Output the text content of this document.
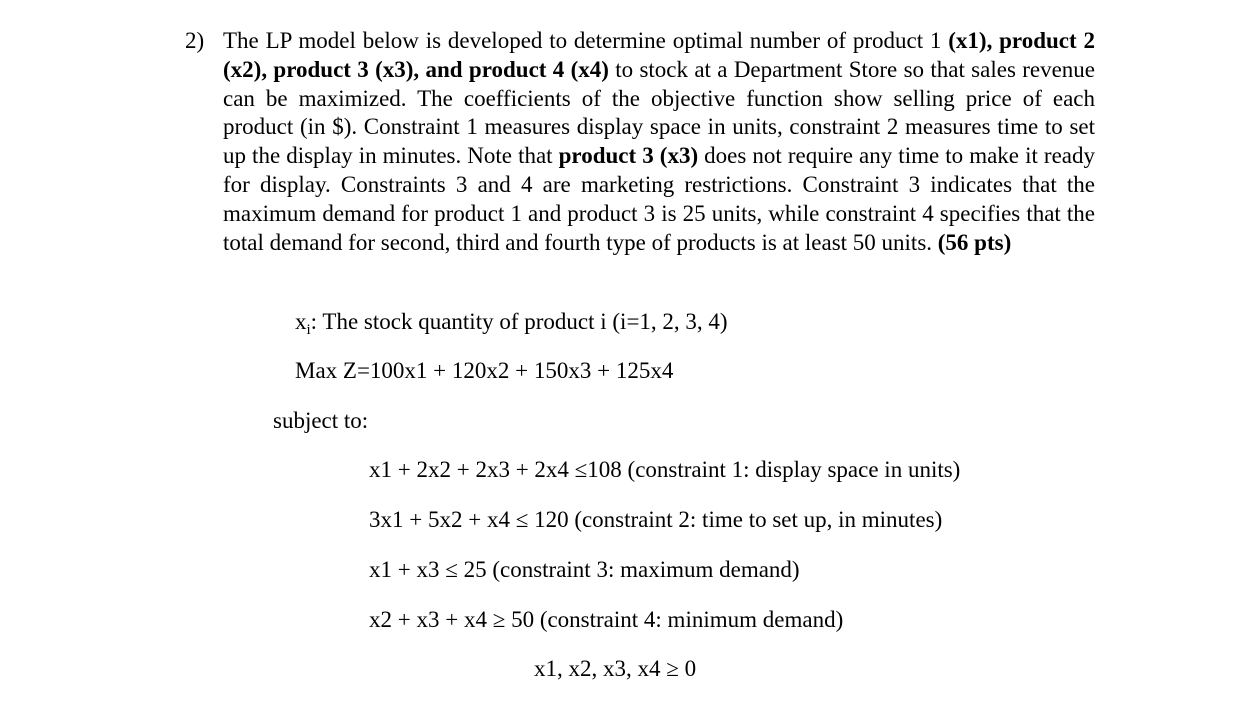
2) The LP model below is developed to determine optimal number of product 1 (x1), product 2 (x2), product 3 (x3), and product 4 (x4) to stock at a Department Store so that sales revenue can be maximized. The coefficients of the objective function show selling price of each product (in $). Constraint 1 measures display space in units, constraint 2 measures time to set up the display in minutes. Note that product 3 (x3) does not require any time to make it ready for display. Constraints 3 and 4 are marketing restrictions. Constraint 3 indicates that the maximum demand for product 1 and product 3 is 25 units, while constraint 4 specifies that the total demand for second, third and fourth type of products is at least 50 units. (56 pts)
$x_i$: The stock quantity of product i (i=1, 2, 3, 4)
Max Z=100x1 + 120x2 + 150x3 + 125x4
subject to:
x1 + 2x2 + 2x3 + 2x4 ≤108 (constraint 1: display space in units)
3x1 + 5x2 + x4 ≤ 120 (constraint 2: time to set up, in minutes)
x1 + x3 ≤ 25 (constraint 3: maximum demand)
x2 + x3 + x4 ≥ 50 (constraint 4: minimum demand)
x1, x2, x3, x4 ≥ 0
